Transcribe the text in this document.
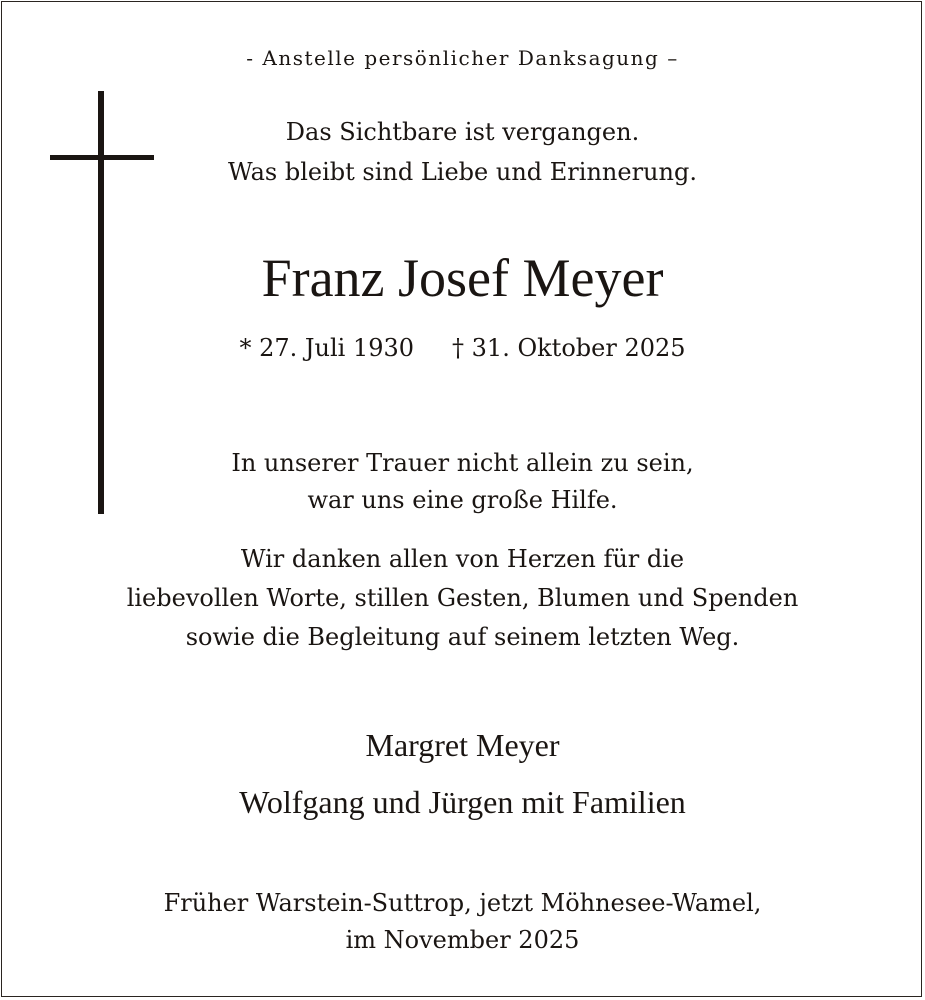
- Anstelle persönlicher Danksagung –
Das Sichtbare ist vergangen.
Was bleibt sind Liebe und Erinnerung.
Franz Josef Meyer
* 27. Juli 1930 † 31. Oktober 2025
In unserer Trauer nicht allein zu sein,
war uns eine große Hilfe.
Wir danken allen von Herzen für die
liebevollen Worte, stillen Gesten, Blumen und Spenden
sowie die Begleitung auf seinem letzten Weg.
Margret Meyer
Wolfgang und Jürgen mit Familien
Früher Warstein-Suttrop, jetzt Möhnesee-Wamel,
im November 2025
